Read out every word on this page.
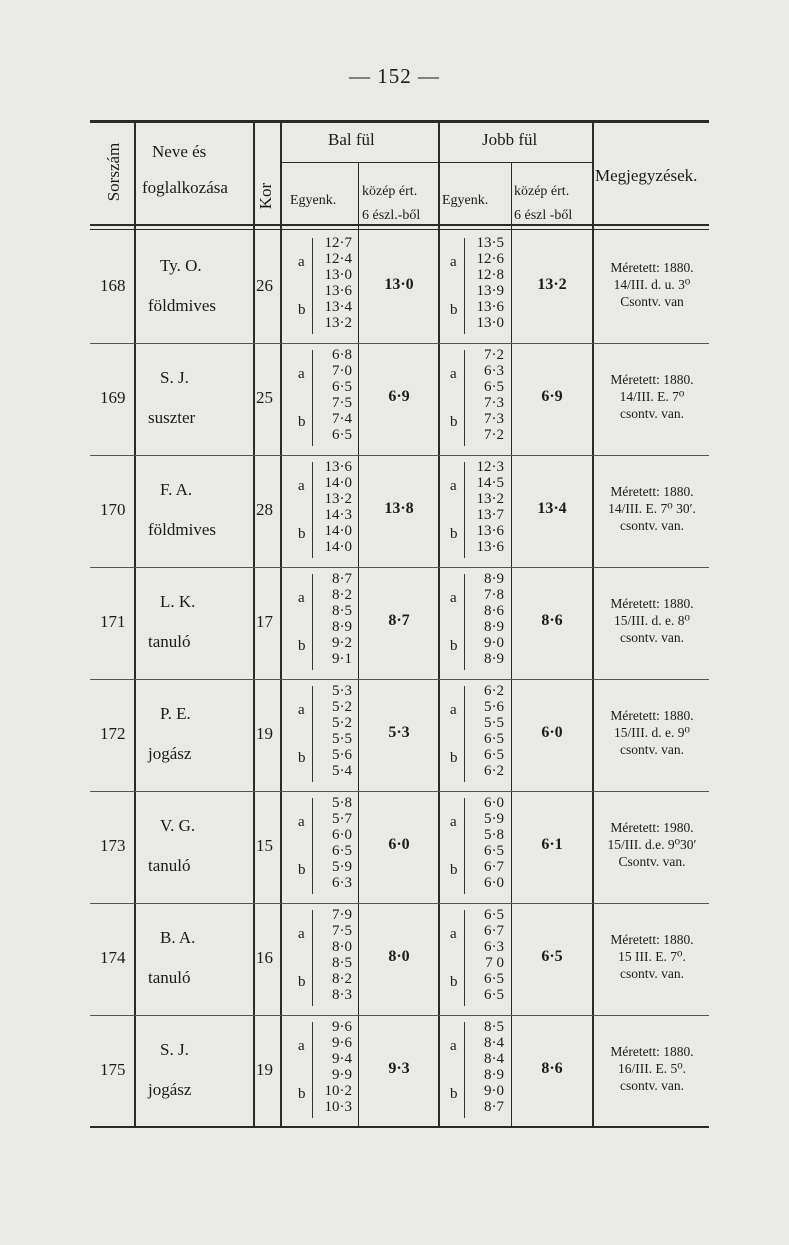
— 152 —
Sorszám Neve és
foglalkozása Kor
Bal fül	Jobb fül
Egyenk.
közép ért.
6 észl.-ből
Egyenk.
közép ért.
6 észl -ből
Megjegyzések.
168
Ty. O.
földmives
26
a
b
12·7
12·4
13·0
13·6
13·4
13·2
13·0
a
b
13·5
12·6
12·8
13·9
13·6
13·0
13·2
Méretett: 1880.
14/III. d. u. 3⁰
Csontv. van
169
S. J.
suszter
25
a
b
6·8
7·0
6·5
7·5
7·4
6·5
6·9
a
b
7·2
6·3
6·5
7·3
7·3
7·2
6·9
Méretett: 1880.
14/III. E. 7⁰
csontv. van.
170
F. A.
földmives
28
a
b
13·6
14·0
13·2
14·3
14·0
14·0
13·8
a
b
12·3
14·5
13·2
13·7
13·6
13·6
13·4
Méretett: 1880.
14/III. E. 7⁰ 30′.
csontv. van.
171
L. K.
tanuló
17
a
b
8·7
8·2
8·5
8·9
9·2
9·1
8·7
a
b
8·9
7·8
8·6
8·9
9·0
8·9
8·6
Méretett: 1880.
15/III. d. e. 8⁰
csontv. van.
172
P. E.
jogász
19
a
b
5·3
5·2
5·2
5·5
5·6
5·4
5·3
a
b
6·2
5·6
5·5
6·5
6·5
6·2
6·0
Méretett: 1880.
15/III. d. e. 9⁰
csontv. van.
173
V. G.
tanuló
15
a
b
5·8
5·7
6·0
6·5
5·9
6·3
6·0
a
b
6·0
5·9
5·8
6·5
6·7
6·0
6·1
Méretett: 1980.
15/III. d.e. 9⁰30′
Csontv. van.
174
B. A.
tanuló
16
a
b
7·9
7·5
8·0
8·5
8·2
8·3
8·0
a
b
6·5
6·7
6·3
7 0
6·5
6·5
6·5
Méretett: 1880.
15 III. E. 7⁰.
csontv. van.
175
S. J.
jogász
19
a
b
9·6
9·6
9·4
9·9
10·2
10·3
9·3
a
b
8·5
8·4
8·4
8·9
9·0
8·7
8·6
Méretett: 1880.
16/III. E. 5⁰.
csontv. van.
